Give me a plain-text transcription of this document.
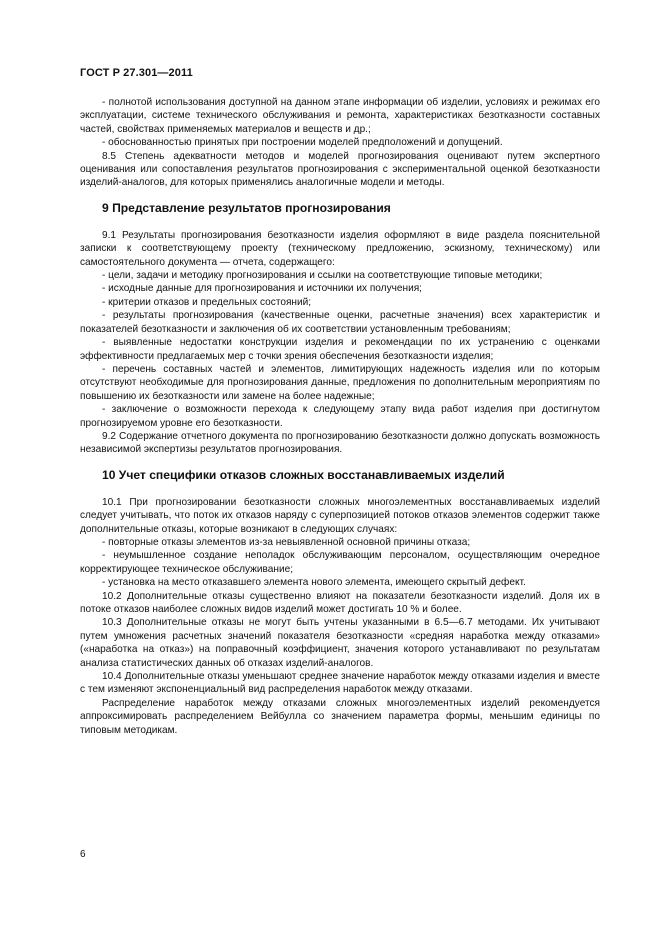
ГОСТ Р 27.301—2011
- полнотой использования доступной на данном этапе информации об изделии, условиях и режимах его эксплуатации, системе технического обслуживания и ремонта, характеристиках безотказности составных частей, свойствах применяемых материалов и веществ и др.;
- обоснованностью принятых при построении моделей предположений и допущений.
8.5 Степень адекватности методов и моделей прогнозирования оценивают путем экспертного оценивания или сопоставления результатов прогнозирования с экспериментальной оценкой безотказности изделий-аналогов, для которых применялись аналогичные модели и методы.
9 Представление результатов прогнозирования
9.1 Результаты прогнозирования безотказности изделия оформляют в виде раздела пояснительной записки к соответствующему проекту (техническому предложению, эскизному, техническому) или самостоятельного документа — отчета, содержащего:
- цели, задачи и методику прогнозирования и ссылки на соответствующие типовые методики;
- исходные данные для прогнозирования и источники их получения;
- критерии отказов и предельных состояний;
- результаты прогнозирования (качественные оценки, расчетные значения) всех характеристик и показателей безотказности и заключения об их соответствии установленным требованиям;
- выявленные недостатки конструкции изделия и рекомендации по их устранению с оценками эффективности предлагаемых мер с точки зрения обеспечения безотказности изделия;
- перечень составных частей и элементов, лимитирующих надежность изделия или по которым отсутствуют необходимые для прогнозирования данные, предложения по дополнительным мероприятиям по повышению их безотказности или замене на более надежные;
- заключение о возможности перехода к следующему этапу вида работ изделия при достигнутом прогнозируемом уровне его безотказности.
9.2 Содержание отчетного документа по прогнозированию безотказности должно допускать возможность независимой экспертизы результатов прогнозирования.
10 Учет специфики отказов сложных восстанавливаемых изделий
10.1 При прогнозировании безотказности сложных многоэлементных восстанавливаемых изделий следует учитывать, что поток их отказов наряду с суперпозицией потоков отказов элементов содержит также дополнительные отказы, которые возникают в следующих случаях:
- повторные отказы элементов из-за невыявленной основной причины отказа;
- неумышленное создание неполадок обслуживающим персоналом, осуществляющим очередное корректирующее техническое обслуживание;
- установка на место отказавшего элемента нового элемента, имеющего скрытый дефект.
10.2 Дополнительные отказы существенно влияют на показатели безотказности изделий. Доля их в потоке отказов наиболее сложных видов изделий может достигать 10 % и более.
10.3 Дополнительные отказы не могут быть учтены указанными в 6.5—6.7 методами. Их учитывают путем умножения расчетных значений показателя безотказности «средняя наработка между отказами» («наработка на отказ») на поправочный коэффициент, значения которого устанавливают по результатам анализа статистических данных об отказах изделий-аналогов.
10.4 Дополнительные отказы уменьшают среднее значение наработок между отказами изделия и вместе с тем изменяют экспоненциальный вид распределения наработок между отказами.
Распределение наработок между отказами сложных многоэлементных изделий рекомендуется аппроксимировать распределением Вейбулла со значением параметра формы, меньшим единицы по типовым методикам.
6
